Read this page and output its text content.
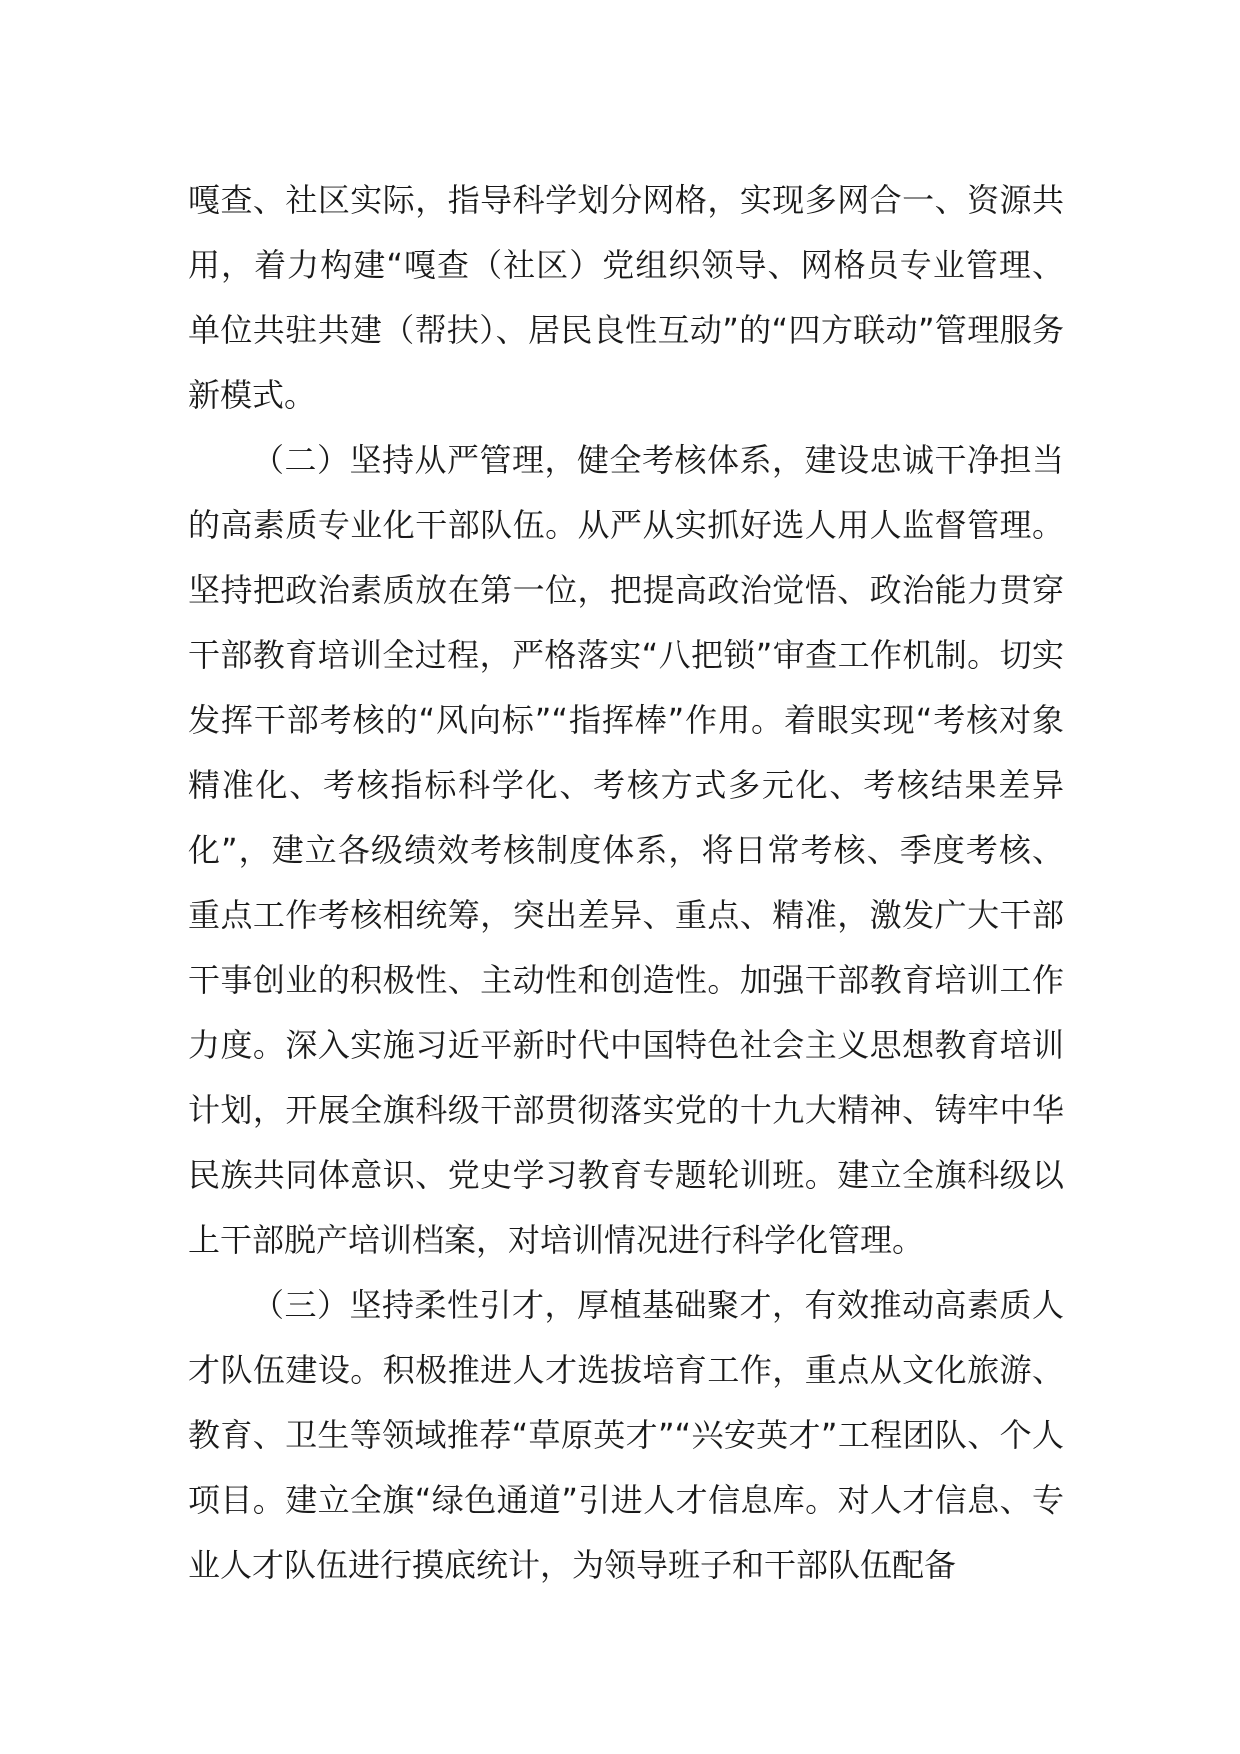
嘎查、社区实际，指导科学划分网格，实现多网合一、资源共用，着力构建“嘎查（社区）党组织领导、网格员专业管理、单位共驻共建（帮扶）、居民良性互动”的“四方联动”管理服务新模式。

（二）坚持从严管理，健全考核体系，建设忠诚干净担当的高素质专业化干部队伍。从严从实抓好选人用人监督管理。坚持把政治素质放在第一位，把提高政治觉悟、政治能力贯穿干部教育培训全过程，严格落实“八把锁”审查工作机制。切实发挥干部考核的“风向标”“指挥棒”作用。着眼实现“考核对象精准化、考核指标科学化、考核方式多元化、考核结果差异化”，建立各级绩效考核制度体系，将日常考核、季度考核、重点工作考核相统筹，突出差异、重点、精准，激发广大干部干事创业的积极性、主动性和创造性。加强干部教育培训工作力度。深入实施习近平新时代中国特色社会主义思想教育培训计划，开展全旗科级干部贯彻落实党的十九大精神、铸牢中华民族共同体意识、党史学习教育专题轮训班。建立全旗科级以上干部脱产培训档案，对培训情况进行科学化管理。

（三）坚持柔性引才，厚植基础聚才，有效推动高素质人才队伍建设。积极推进人才选拔培育工作，重点从文化旅游、教育、卫生等领域推荐“草原英才”“兴安英才”工程团队、个人项目。建立全旗“绿色通道”引进人才信息库。对人才信息、专业人才队伍进行摸底统计，为领导班子和干部队伍配备
